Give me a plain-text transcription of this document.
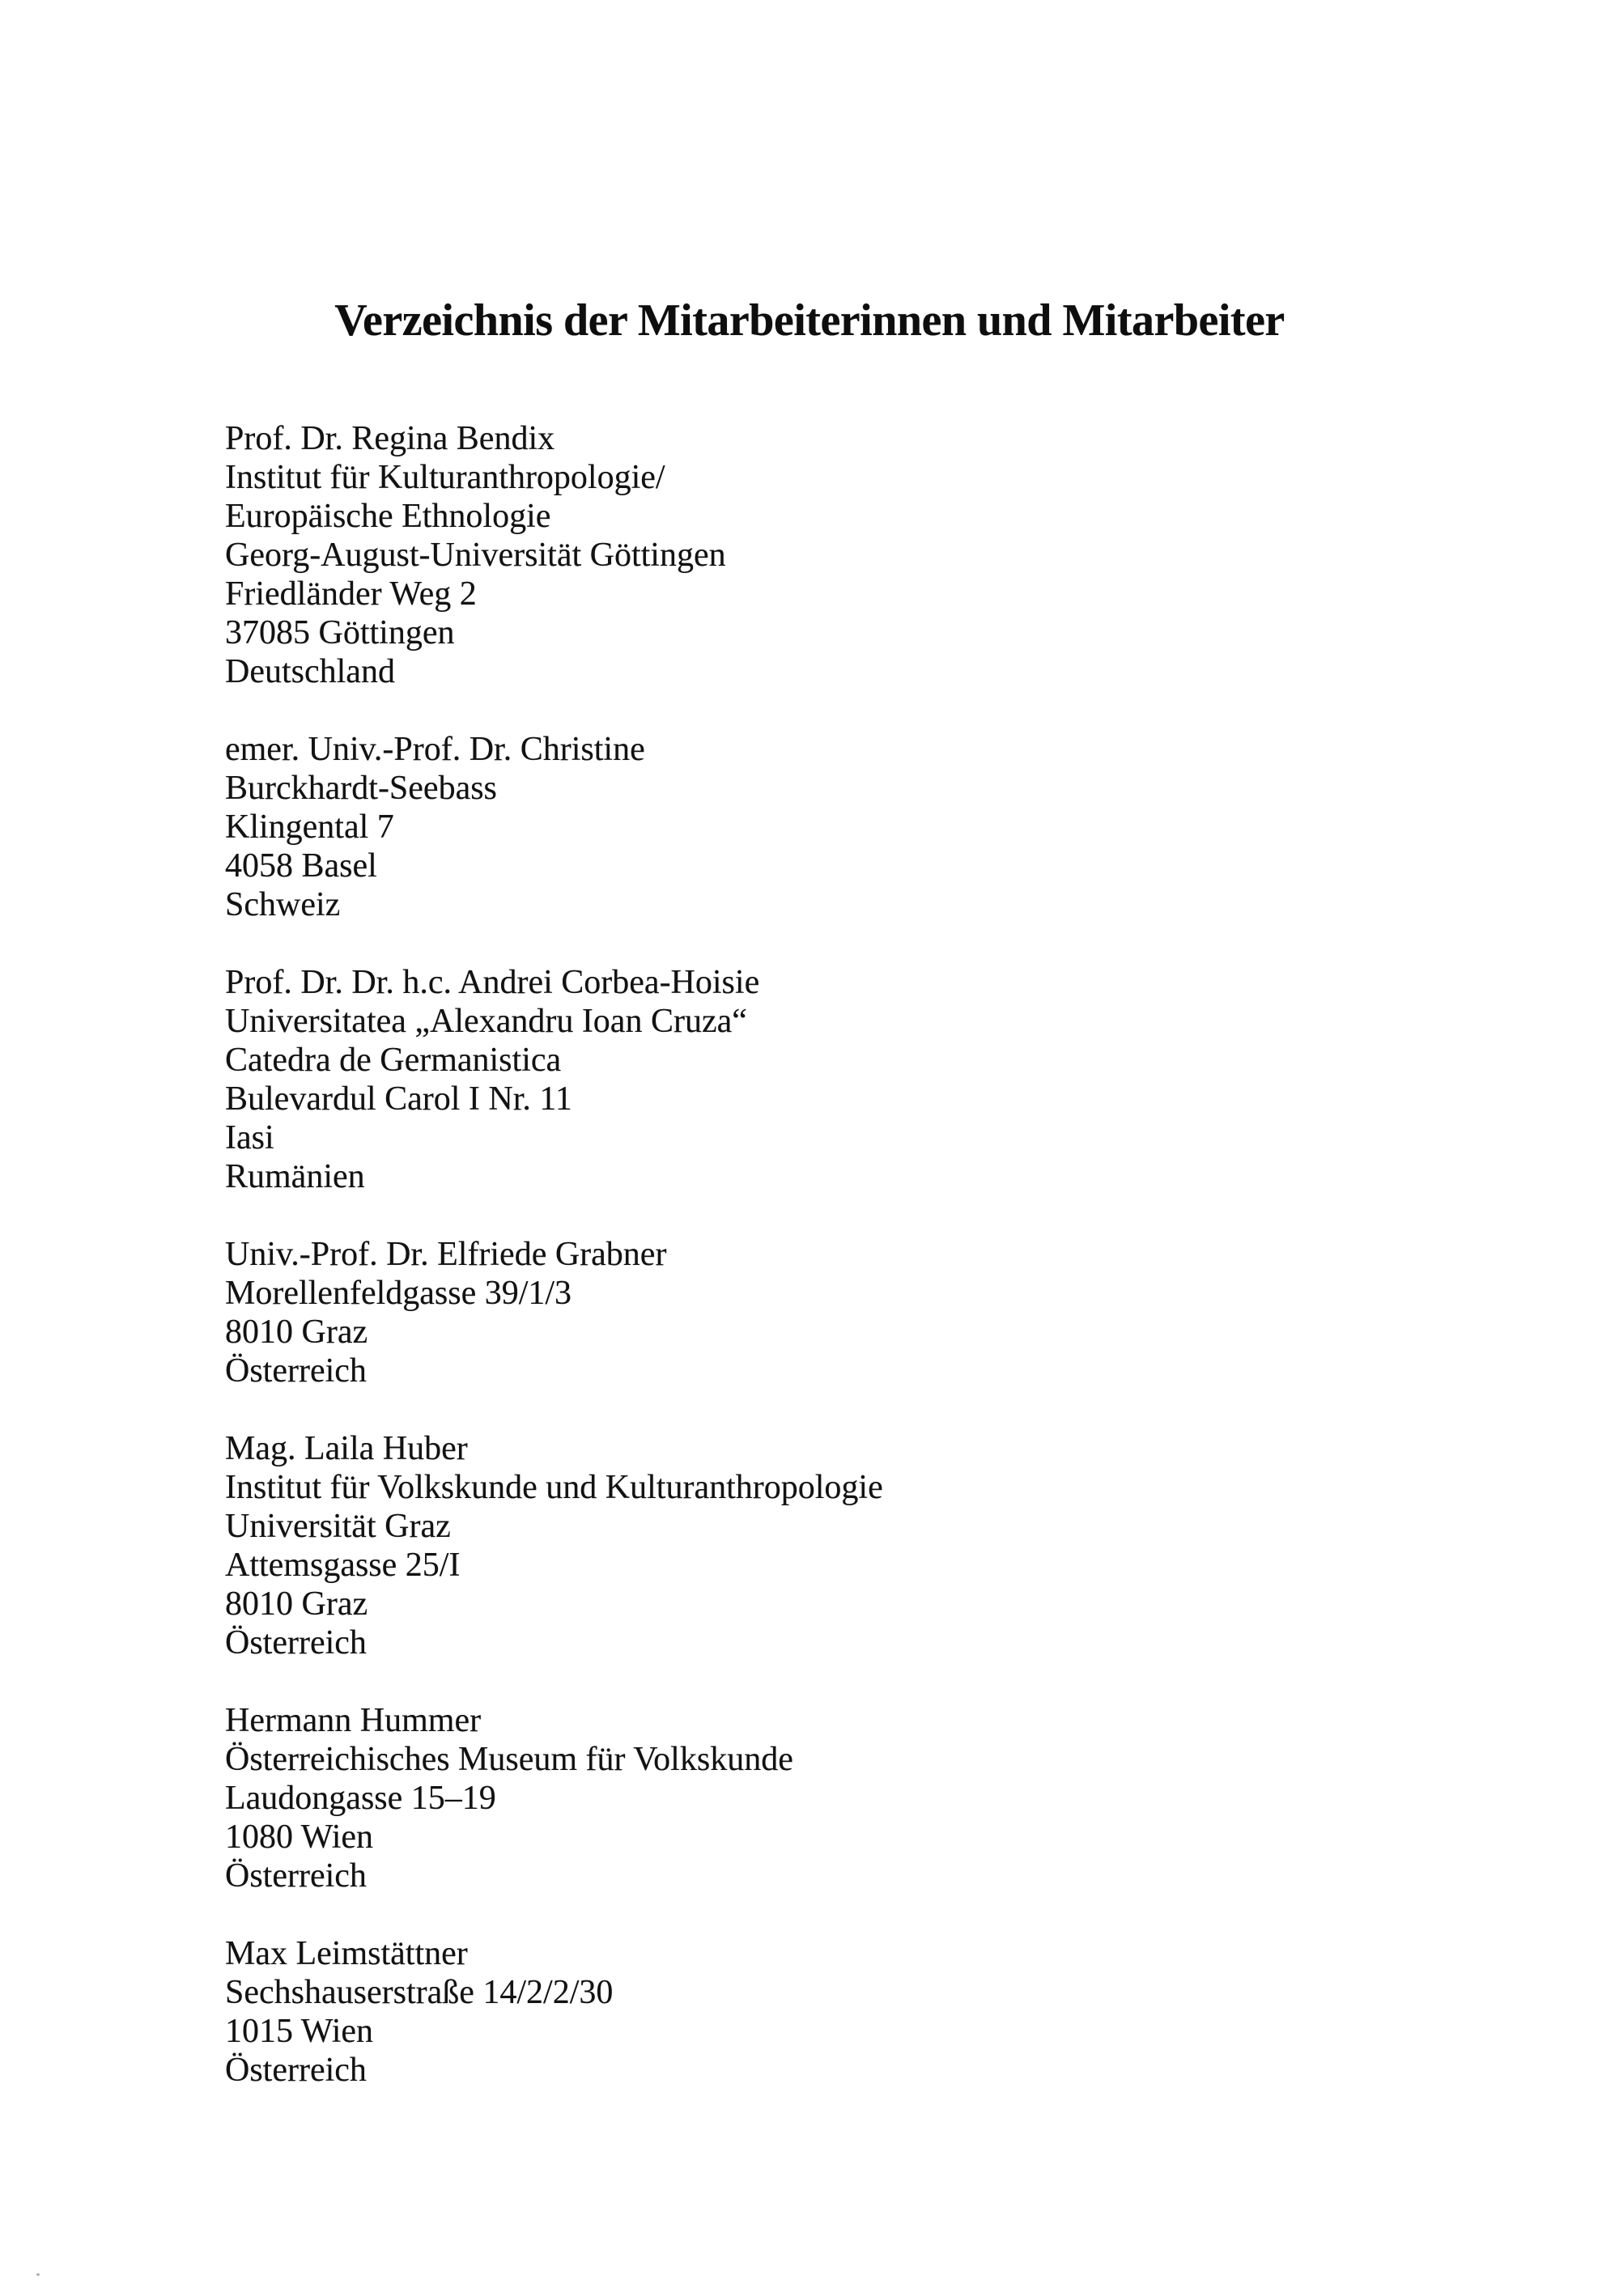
Verzeichnis der Mitarbeiterinnen und Mitarbeiter
Prof. Dr. Regina Bendix
Institut für Kulturanthropologie/
Europäische Ethnologie
Georg-August-Universität Göttingen
Friedländer Weg 2
37085 Göttingen
Deutschland
emer. Univ.-Prof. Dr. Christine
Burckhardt-Seebass
Klingental 7
4058 Basel
Schweiz
Prof. Dr. Dr. h.c. Andrei Corbea-Hoisie
Universitatea „Alexandru Ioan Cruza“
Catedra de Germanistica
Bulevardul Carol I Nr. 11
Iasi
Rumänien
Univ.-Prof. Dr. Elfriede Grabner
Morellenfeldgasse 39/1/3
8010 Graz
Österreich
Mag. Laila Huber
Institut für Volkskunde und Kulturanthropologie
Universität Graz
Attemsgasse 25/I
8010 Graz
Österreich
Hermann Hummer
Österreichisches Museum für Volkskunde
Laudongasse 15–19
1080 Wien
Österreich
Max Leimstättner
Sechshauserstraße 14/2/2/30
1015 Wien
Österreich
